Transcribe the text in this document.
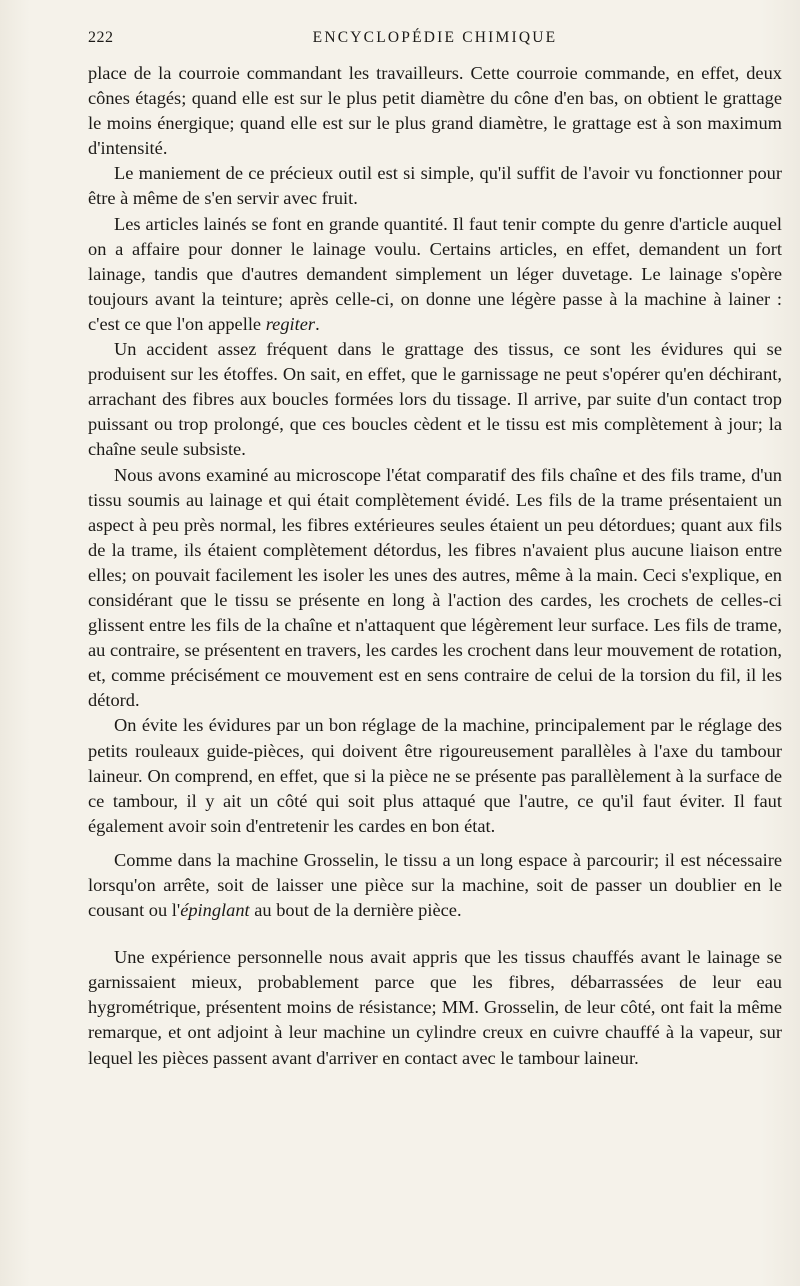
222	ENCYCLOPÉDIE CHIMIQUE

place de la courroie commandant les travailleurs. Cette courroie commande, en effet, deux cônes étagés; quand elle est sur le plus petit diamètre du cône d'en bas, on obtient le grattage le moins énergique; quand elle est sur le plus grand diamètre, le grattage est à son maximum d'intensité.

Le maniement de ce précieux outil est si simple, qu'il suffit de l'avoir vu fonctionner pour être à même de s'en servir avec fruit.

Les articles lainés se font en grande quantité. Il faut tenir compte du genre d'article auquel on a affaire pour donner le lainage voulu. Certains articles, en effet, demandent un fort lainage, tandis que d'autres demandent simplement un léger duvetage. Le lainage s'opère toujours avant la teinture; après celle-ci, on donne une légère passe à la machine à lainer : c'est ce que l'on appelle regiter.

Un accident assez fréquent dans le grattage des tissus, ce sont les évidures qui se produisent sur les étoffes. On sait, en effet, que le garnissage ne peut s'opérer qu'en déchirant, arrachant des fibres aux boucles formées lors du tissage. Il arrive, par suite d'un contact trop puissant ou trop prolongé, que ces boucles cèdent et le tissu est mis complètement à jour; la chaîne seule subsiste.

Nous avons examiné au microscope l'état comparatif des fils chaîne et des fils trame, d'un tissu soumis au lainage et qui était complètement évidé. Les fils de la trame présentaient un aspect à peu près normal, les fibres extérieures seules étaient un peu détordues; quant aux fils de la trame, ils étaient complètement détordus, les fibres n'avaient plus aucune liaison entre elles; on pouvait facilement les isoler les unes des autres, même à la main. Ceci s'explique, en considérant que le tissu se présente en long à l'action des cardes, les crochets de celles-ci glissent entre les fils de la chaîne et n'attaquent que légèrement leur surface. Les fils de trame, au contraire, se présentent en travers, les cardes les crochent dans leur mouvement de rotation, et, comme précisément ce mouvement est en sens contraire de celui de la torsion du fil, il les détord.

On évite les évidures par un bon réglage de la machine, principalement par le réglage des petits rouleaux guide-pièces, qui doivent être rigoureusement parallèles à l'axe du tambour laineur. On comprend, en effet, que si la pièce ne se présente pas parallèlement à la surface de ce tambour, il y ait un côté qui soit plus attaqué que l'autre, ce qu'il faut éviter. Il faut également avoir soin d'entretenir les cardes en bon état.

Comme dans la machine Grosselin, le tissu a un long espace à parcourir; il est nécessaire lorsqu'on arrête, soit de laisser une pièce sur la machine, soit de passer un doublier en le cousant ou l'épinglant au bout de la dernière pièce.

Une expérience personnelle nous avait appris que les tissus chauffés avant le lainage se garnissaient mieux, probablement parce que les fibres, débarrassées de leur eau hygrométrique, présentent moins de résistance; MM. Grosselin, de leur côté, ont fait la même remarque, et ont adjoint à leur machine un cylindre creux en cuivre chauffé à la vapeur, sur lequel les pièces passent avant d'arriver en contact avec le tambour laineur.
